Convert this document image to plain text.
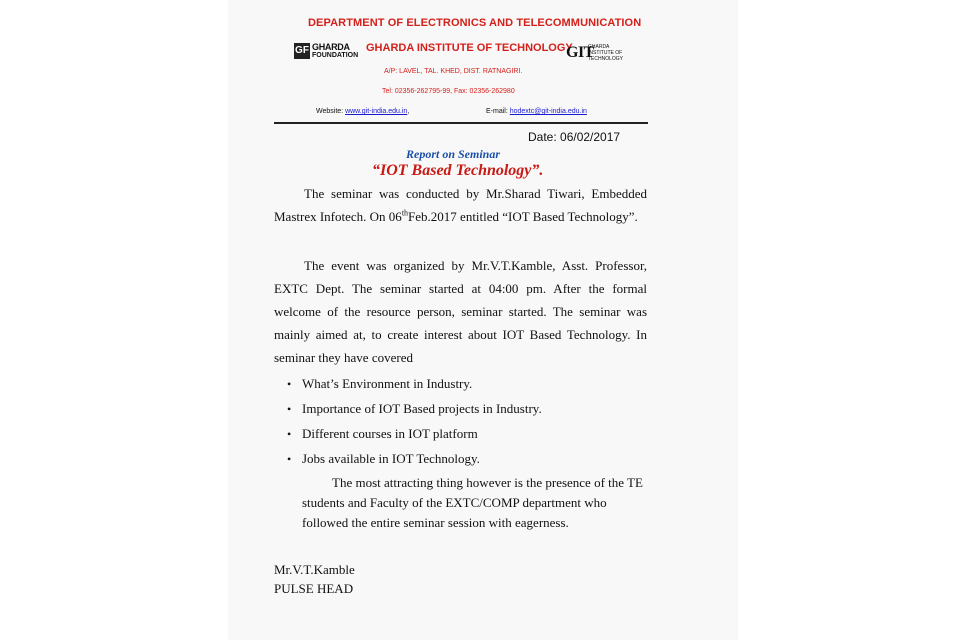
DEPARTMENT OF ELECTRONICS AND TELECOMMUNICATION
GF GHARDA
FOUNDATION
GHARDA INSTITUTE OF TECHNOLOGY
GIT
GHARDA
INSTITUTE OF
TECHNOLOGY
A/P: LAVEL, TAL. KHED, DIST. RATNAGIRI.
Tel: 02356-262795-99, Fax: 02356-262980
Website: www.git-india.edu.in,	E-mail: hodextc@git-india.edu.in
Date: 06/02/2017
Report on Seminar
“IOT Based Technology”.
The seminar was conducted by Mr.Sharad Tiwari, Embedded Mastrex Infotech. On 06thFeb.2017 entitled “IOT Based Technology”.
The event was organized by Mr.V.T.Kamble, Asst. Professor, EXTC Dept. The seminar started at 04:00 pm. After the formal welcome of the resource person, seminar started. The seminar was mainly aimed at, to create interest about IOT Based Technology. In seminar they have covered
• What’s Environment in Industry.
• Importance of IOT Based projects in Industry.
• Different courses in IOT platform
• Jobs available in IOT Technology.
The most attracting thing however is the presence of the TE students and Faculty of the EXTC/COMP department who followed the entire seminar session with eagerness.
Mr.V.T.Kamble
PULSE HEAD
